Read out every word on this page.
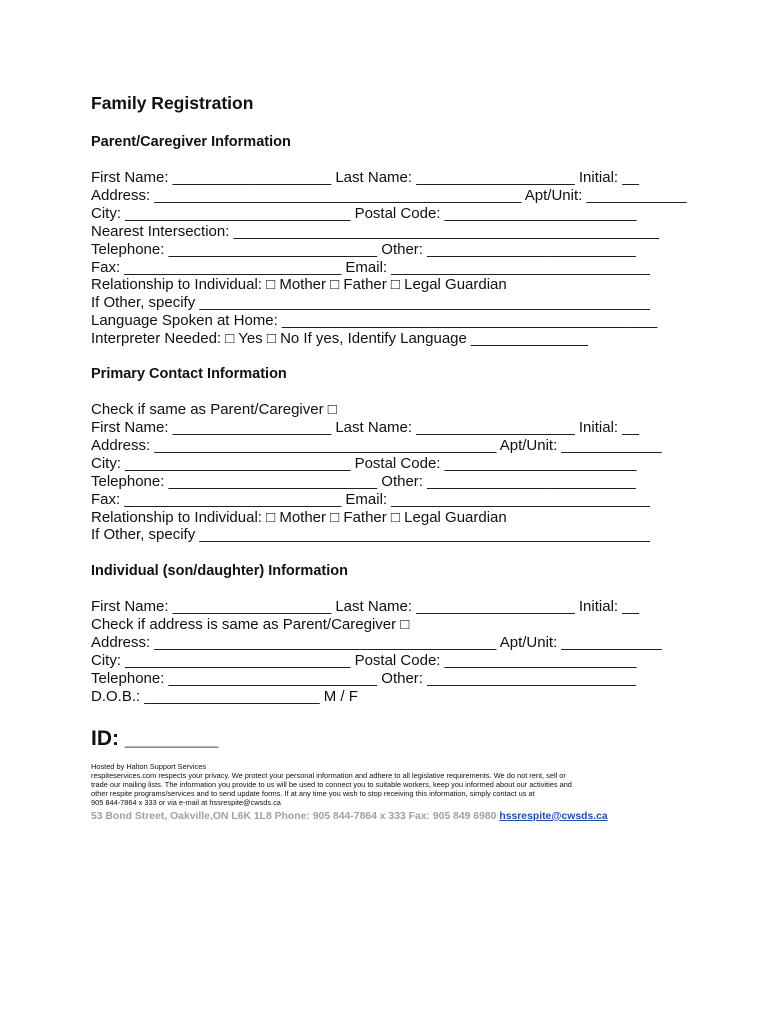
Family Registration
Parent/Caregiver Information
First Name: ___________________ Last Name: ___________________ Initial: __
Address: ____________________________________________ Apt/Unit: ____________
City: ___________________________ Postal Code: _______________________
Nearest Intersection: ___________________________________________________
Telephone: _________________________ Other: _________________________
Fax: __________________________ Email: _______________________________
Relationship to Individual: □ Mother □ Father □ Legal Guardian
If Other, specify ______________________________________________________
Language Spoken at Home: _____________________________________________
Interpreter Needed: □ Yes □ No If yes, Identify Language ______________
Primary Contact Information
Check if same as Parent/Caregiver □
First Name: ___________________ Last Name: ___________________ Initial: __
Address: _________________________________________ Apt/Unit: ____________
City: ___________________________ Postal Code: _______________________
Telephone: _________________________ Other: _________________________
Fax: __________________________ Email: _______________________________
Relationship to Individual: □ Mother □ Father □ Legal Guardian
If Other, specify ______________________________________________________
Individual (son/daughter) Information
First Name: ___________________ Last Name: ___________________ Initial: __
Check if address is same as Parent/Caregiver □
Address: _________________________________________ Apt/Unit: ____________
City: ___________________________ Postal Code: _______________________
Telephone: _________________________ Other: _________________________
D.O.B.: _____________________ M / F
ID: ________
Hosted by Halton Support Services
respiteservices.com respects your privacy. We protect your personal information and adhere to all legislative requirements. We do not rent, sell or
trade our mailing lists. The information you provide to us will be used to connect you to suitable workers, keep you informed about our activities and
other respite programs/services and to send update forms. If at any time you wish to stop receiving this information, simply contact us at
905 844-7864 x 333 or via e-mail at hssrespite@cwsds.ca
53 Bond Street, Oakville,ON L6K 1L8 Phone: 905 844-7864 x 333 Fax: 905 849 6980 hssrespite@cwsds.ca
